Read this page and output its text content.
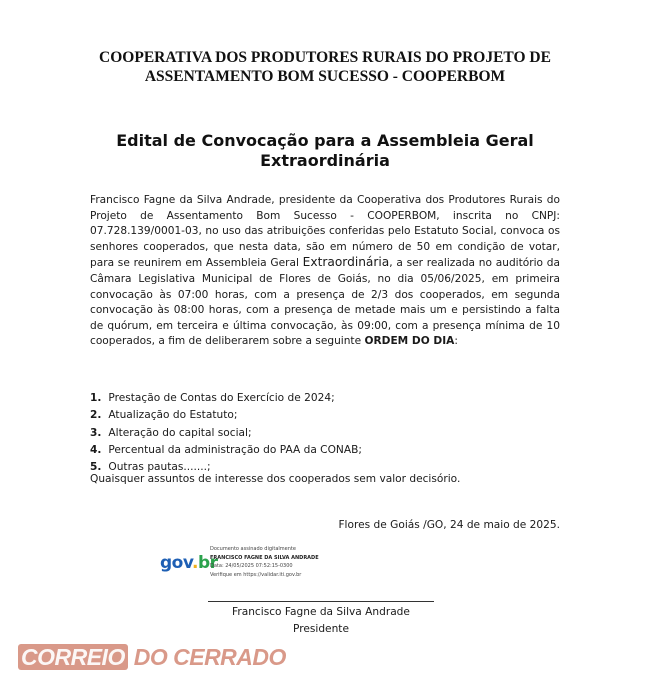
COOPERATIVA DOS PRODUTORES RURAIS DO PROJETO DE
ASSENTAMENTO BOM SUCESSO - COOPERBOM
Edital de Convocação para a Assembleia Geral
Extraordinária
Francisco Fagne da Silva Andrade, presidente da Cooperativa dos Produtores Rurais do Projeto de Assentamento Bom Sucesso - COOPERBOM, inscrita no CNPJ: 07.728.139/0001-03, no uso das atribuições conferidas pelo Estatuto Social, convoca os senhores cooperados, que nesta data, são em número de 50 em condição de votar, para se reunirem em Assembleia Geral Extraordinária, a ser realizada no auditório da Câmara Legislativa Municipal de Flores de Goiás, no dia 05/06/2025, em primeira convocação às 07:00 horas, com a presença de 2/3 dos cooperados, em segunda convocação às 08:00 horas, com a presença de metade mais um e persistindo a falta de quórum, em terceira e última convocação, às 09:00, com a presença mínima de 10 cooperados, a fim de deliberarem sobre a seguinte ORDEM DO DIA:
1. Prestação de Contas do Exercício de 2024;
2. Atualização do Estatuto;
3. Alteração do capital social;
4. Percentual da administração do PAA da CONAB;
5. Outras pautas.......;
Quaisquer assuntos de interesse dos cooperados sem valor decisório.
Flores de Goiás /GO, 24 de maio de 2025.
gov.br
Documento assinado digitalmente
FRANCISCO FAGNE DA SILVA ANDRADE
Data: 24/05/2025 07:52:15-0300
Verifique em https://validar.iti.gov.br
Francisco Fagne da Silva Andrade
Presidente
CORREIO DO CERRADO
